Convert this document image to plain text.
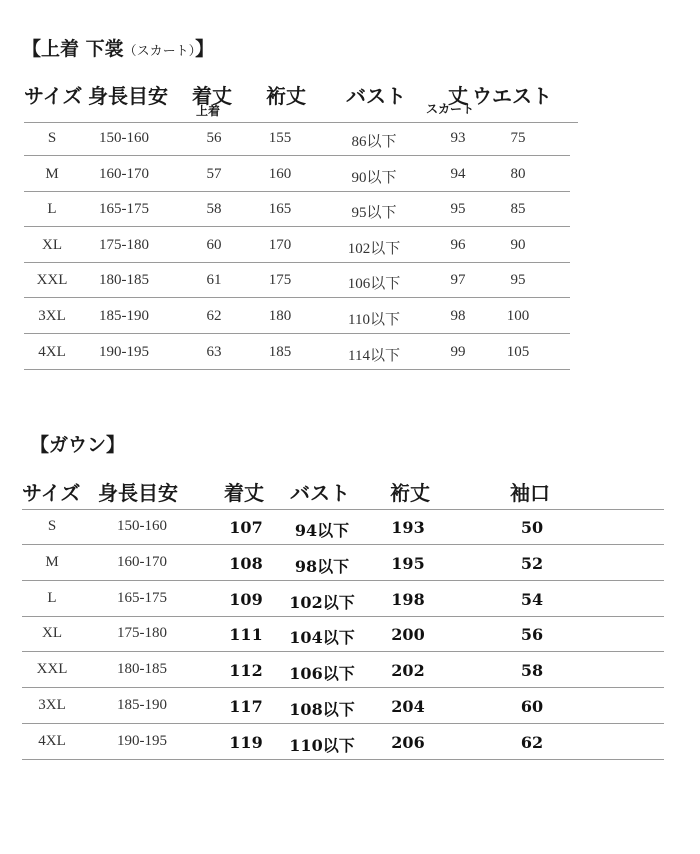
【上着 下裳（スカート）】
サイズ 身長目安 着丈
上着
裄丈 バスト 丈
スカート
ウエスト
S	150-160	56	155	86以下	93	75
M	160-170	57	160	90以下	94	80
L	165-175	58	165	95以下	95	85
XL 175-180	60	170	102以下	96	90
XXL 180-185	61	175	106以下	97	95
3XL 185-190	62	180	110以下	98	100
4XL 190-195	63	185	114以下	99	105
【ガウン】
サイズ 身長目安 着丈 バスト 裄丈	袖口
S	150-160	107 94以下	193	50
M	160-170	108 98以下	195	52
L	165-175	109 102以下 198	54
XL	175-180	111 104以下 200	56
XXL	180-185	112 106以下 202	58
3XL	185-190	117 108以下 204	60
4XL	190-195	119 110以下 206	62
